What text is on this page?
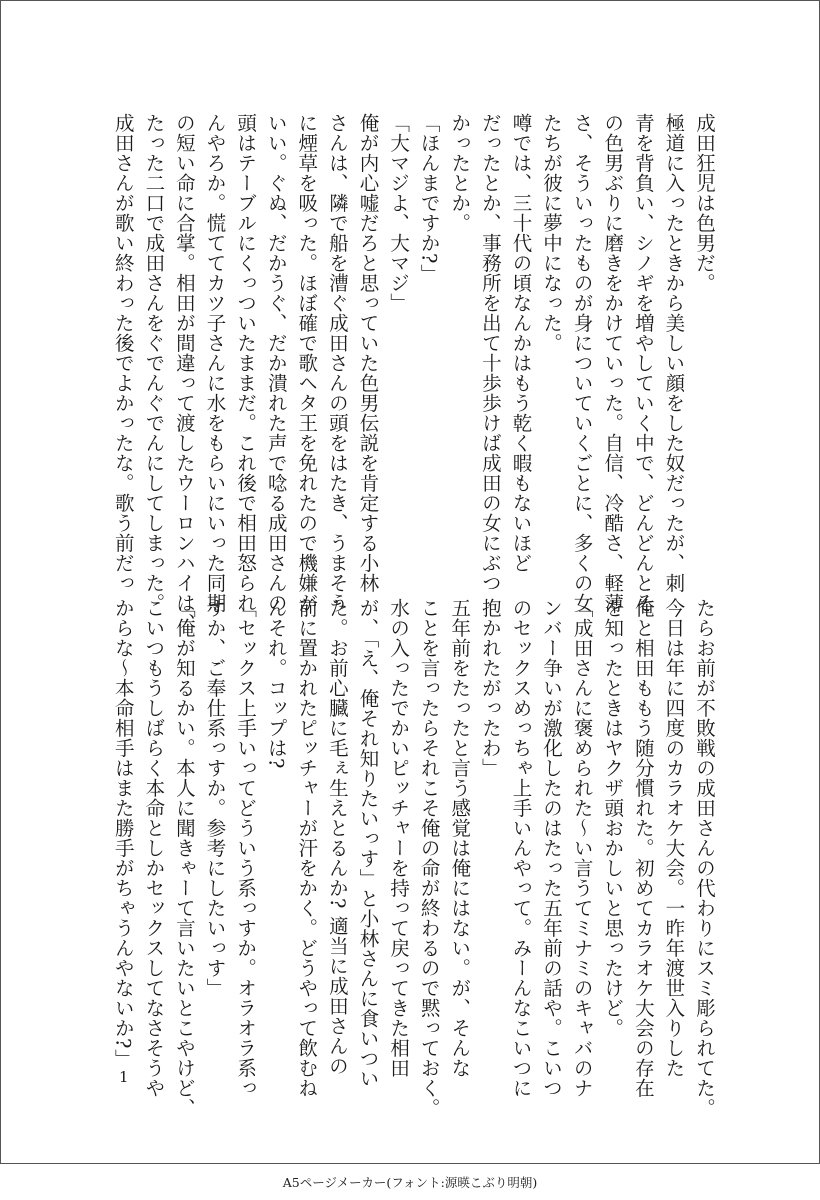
成田狂児は色男だ。
極道に入ったときから美しい顔をした奴だったが、刺
青を背負い、シノギを増やしていく中で、どんどんとそ
の色男ぶりに磨きをかけていった。自信、冷酷さ、軽薄
さ、そういったものが身についていくごとに、多くの女
たちが彼に夢中になった。
噂では、三十代の頃なんかはもう乾く暇もないほど
だったとか、事務所を出て十歩歩けば成田の女にぶつ
かったとか。
「ほんまですか?」
「大マジよ、大マジ」
俺が内心嘘だろと思っていた色男伝説を肯定する小林
さんは、隣で船を漕ぐ成田さんの頭をはたき、うまそう
に煙草を吸った。ほぼ確で歌ヘタ王を免れたので機嫌が
いい。ぐぬ、だかうぐ、だか潰れた声で唸る成田さんの
頭はテーブルにくっついたままだ。これ後で相田怒られ
んやろか。慌ててカツ子さんに水をもらいにいった同期
の短い命に合掌。相田が間違って渡したウーロンハイは、
たった二口で成田さんをぐでんぐでんにしてしまった。
成田さんが歌い終わった後でよかったな。歌う前だっ
たらお前が不敗戦の成田さんの代わりにスミ彫られてた。
今日は年に四度のカラオケ大会。一昨年渡世入りした
俺と相田ももう随分慣れた。初めてカラオケ大会の存在
を知ったときはヤクザ頭おかしいと思ったけど。
「成田さんに褒められた〜い言うてミナミのキャバのナ
ンバー争いが激化したのはたった五年前の話や。こいつ
のセックスめっちゃ上手いんやって。みーんなこいつに
抱かれたがったわ」
五年前をたったと言う感覚は俺にはない。が、そんな
ことを言ったらそれこそ俺の命が終わるので黙っておく。
水の入ったでかいピッチャーを持って戻ってきた相田
が、「え、俺それ知りたいっす」と小林さんに食いつい
た。お前心臓に毛ぇ生えとるんか? 適当に成田さんの
前に置かれたピッチャーが汗をかく。どうやって飲むね
んそれ。コップは?
「セックス上手いってどういう系っすか。オラオラ系っ
すか、ご奉仕系っすか。参考にしたいっす」
「俺が知るかい。本人に聞きゃーて言いたいとこやけど、
こいつもうしばらく本命としかセックスしてなさそうや
からな〜本命相手はまた勝手がちゃうんやないか?」
1
A5ページメーカー(フォント:源暎こぶり明朝)
